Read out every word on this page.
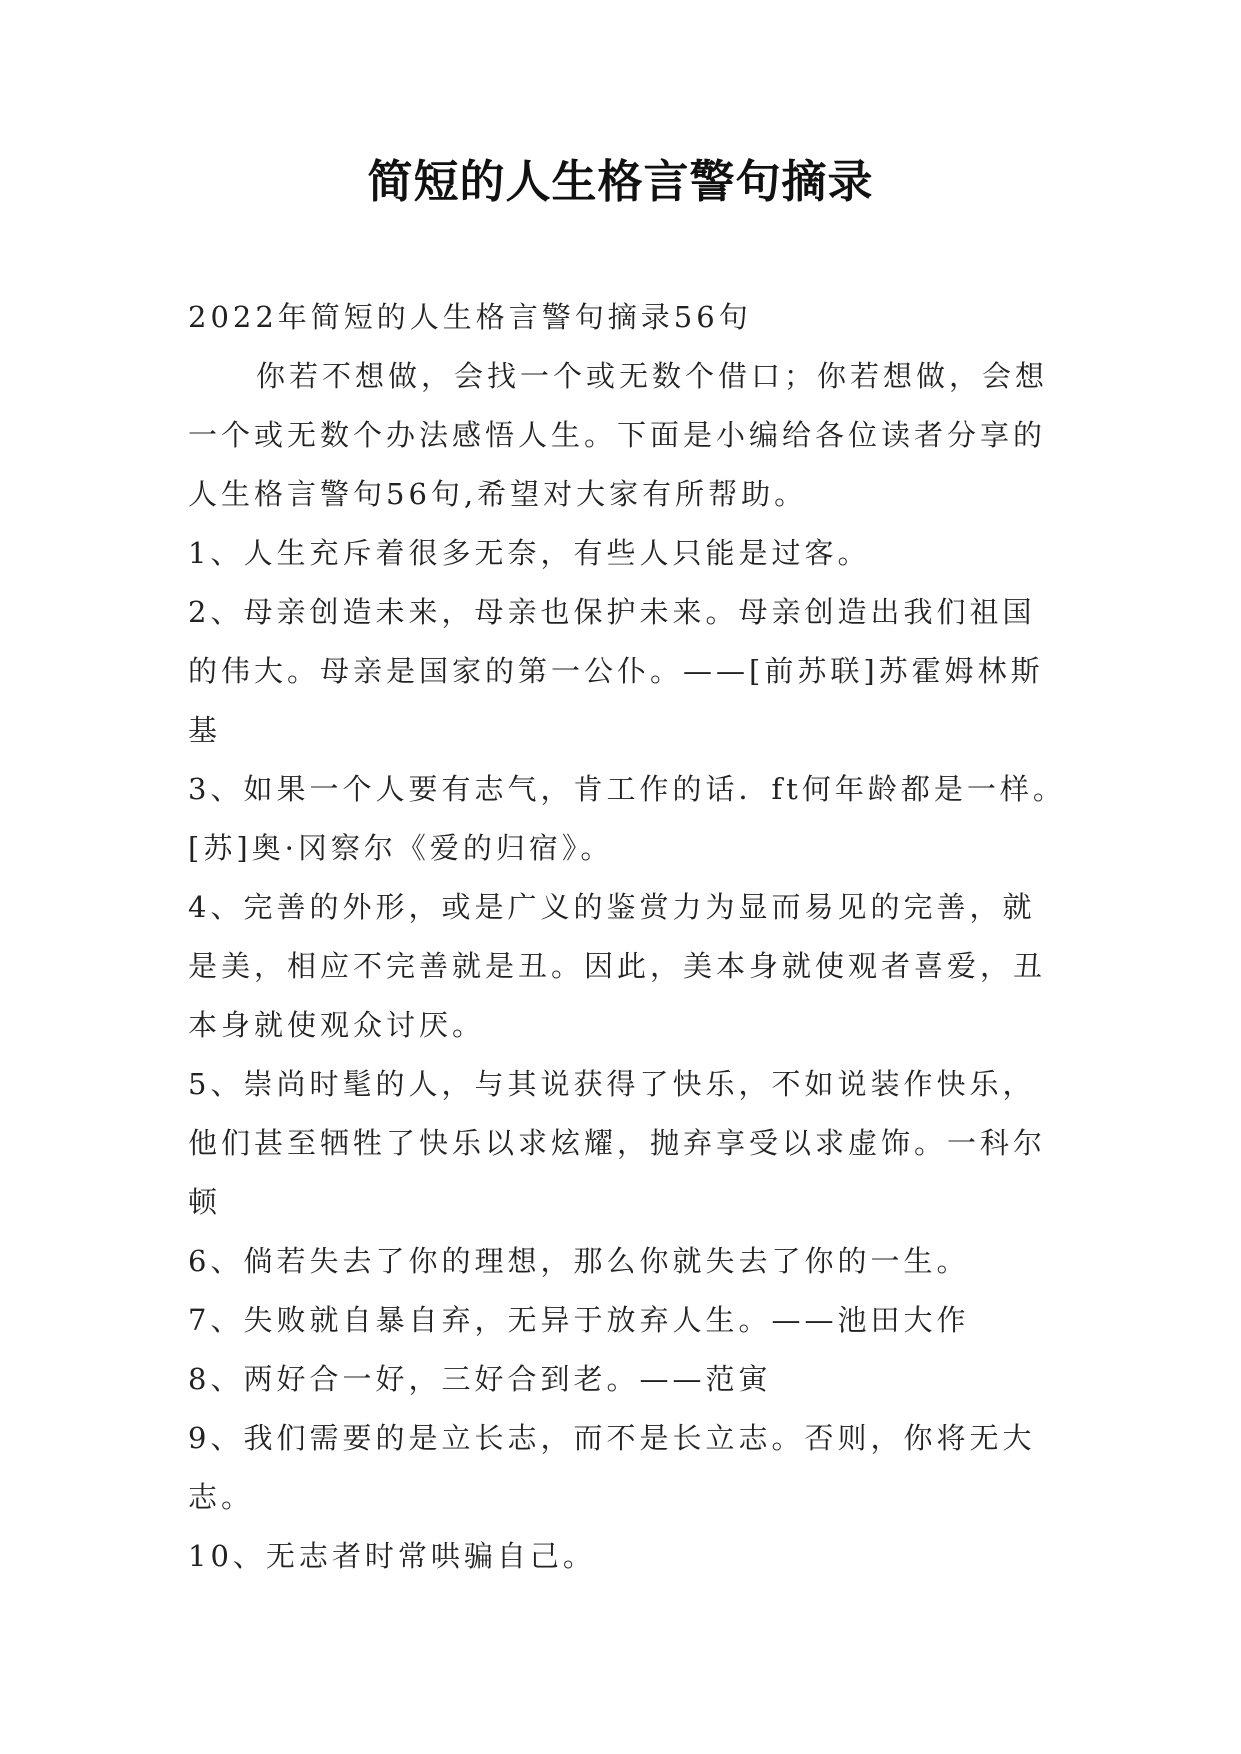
简短的人生格言警句摘录
2022年简短的人生格言警句摘录56句
你若不想做，会找一个或无数个借口；你若想做，会想
一个或无数个办法感悟人生。下面是小编给各位读者分享的
人生格言警句56句,希望对大家有所帮助。
1、人生充斥着很多无奈，有些人只能是过客。
2、母亲创造未来，母亲也保护未来。母亲创造出我们祖国
的伟大。母亲是国家的第一公仆。——[前苏联]苏霍姆林斯
基
3、如果一个人要有志气，肯工作的话．ft何年龄都是一样。
[苏]奥·冈察尔《爱的归宿》。
4、完善的外形，或是广义的鉴赏力为显而易见的完善，就
是美，相应不完善就是丑。因此，美本身就使观者喜爱，丑
本身就使观众讨厌。
5、崇尚时髦的人，与其说获得了快乐，不如说装作快乐，
他们甚至牺牲了快乐以求炫耀，抛弃享受以求虚饰。一科尔
顿
6、倘若失去了你的理想，那么你就失去了你的一生。
7、失败就自暴自弃，无异于放弃人生。——池田大作
8、两好合一好，三好合到老。——范寅
9、我们需要的是立长志，而不是长立志。否则，你将无大
志。
10、无志者时常哄骗自己。
